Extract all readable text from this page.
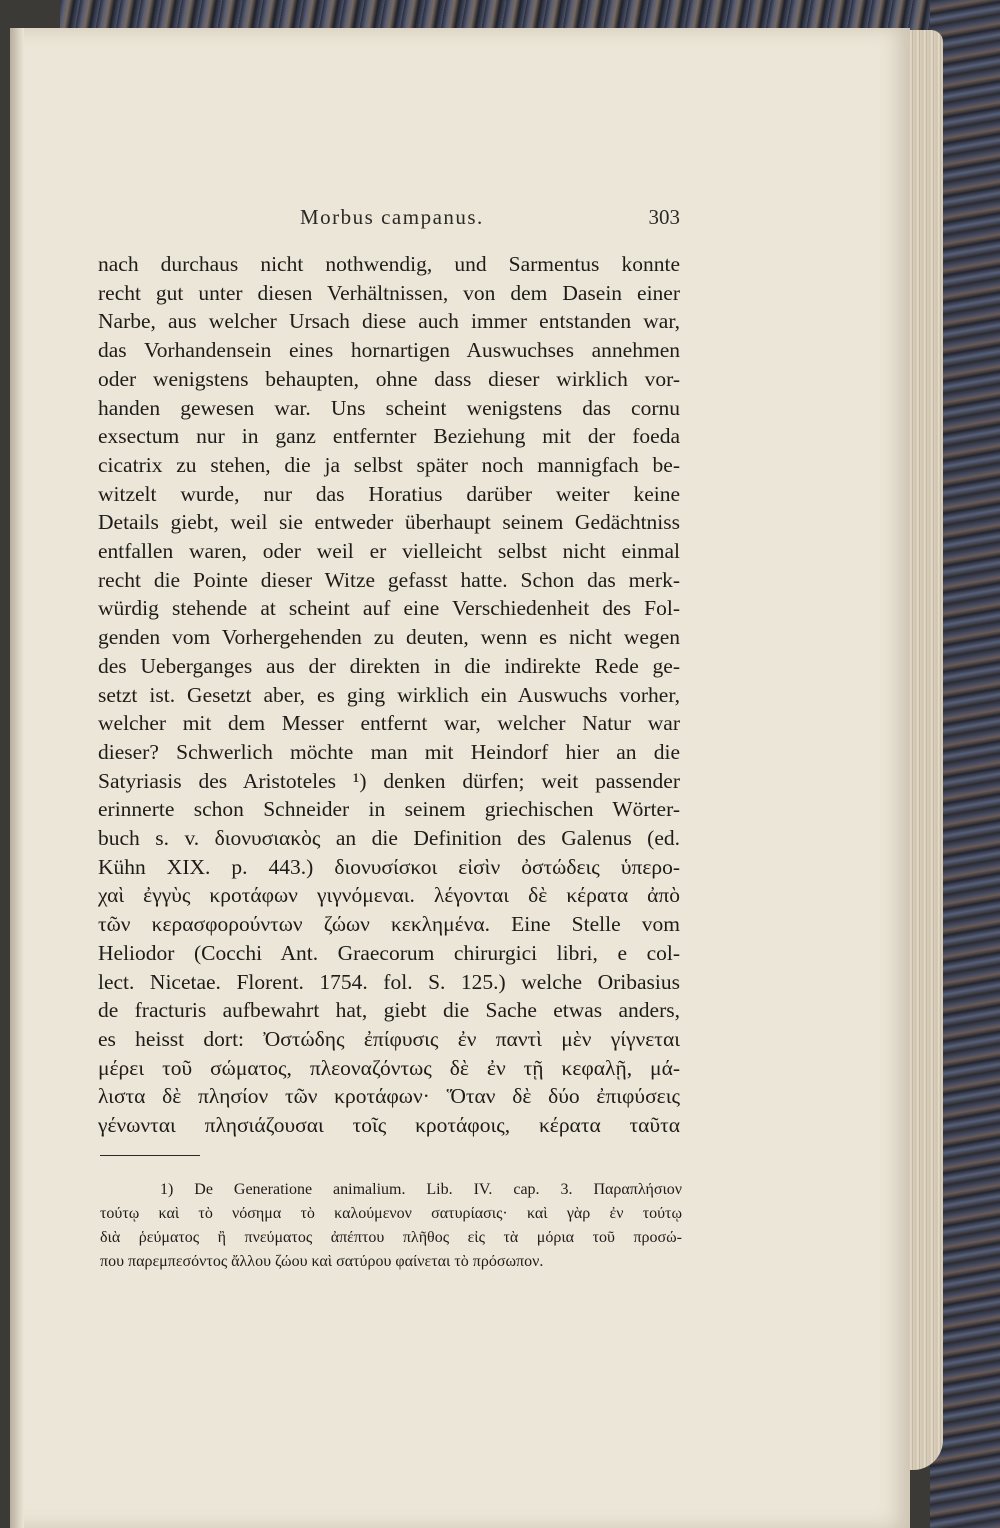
Morbus campanus.	303

nach durchaus nicht nothwendig, und Sarmentus konnte
recht gut unter diesen Verhältnissen, von dem Dasein einer
Narbe, aus welcher Ursach diese auch immer entstanden war,
das Vorhandensein eines hornartigen Auswuchses annehmen
oder wenigstens behaupten, ohne dass dieser wirklich vor-
handen gewesen war. Uns scheint wenigstens das cornu
exsectum nur in ganz entfernter Beziehung mit der foeda
cicatrix zu stehen, die ja selbst später noch mannigfach be-
witzelt wurde, nur das Horatius darüber weiter keine
Details giebt, weil sie entweder überhaupt seinem Gedächtniss
entfallen waren, oder weil er vielleicht selbst nicht einmal
recht die Pointe dieser Witze gefasst hatte. Schon das merk-
würdig stehende at scheint auf eine Verschiedenheit des Fol-
genden vom Vorhergehenden zu deuten, wenn es nicht wegen
des Ueberganges aus der direkten in die indirekte Rede ge-
setzt ist. Gesetzt aber, es ging wirklich ein Auswuchs vorher,
welcher mit dem Messer entfernt war, welcher Natur war
dieser? Schwerlich möchte man mit Heindorf hier an die
Satyriasis des Aristoteles ¹) denken dürfen; weit passender
erinnerte schon Schneider in seinem griechischen Wörter-
buch s. v. διονυσιακὸς an die Definition des Galenus (ed.
Kühn XIX. p. 443.) διονυσίσκοι εἰσὶν ὀστώδεις ὑπερο-
χαὶ ἐγγὺς κροτάφων γιγνόμεναι. λέγονται δὲ κέρατα ἀπὸ
τῶν κερασφορούντων ζώων κεκλημένα. Eine Stelle vom
Heliodor (Cocchi Ant. Graecorum chirurgici libri, e col-
lect. Nicetae. Florent. 1754. fol. S. 125.) welche Oribasius
de fracturis aufbewahrt hat, giebt die Sache etwas anders,
es heisst dort: Ὀστώδης ἐπίφυσις ἐν παντὶ μὲν γίγνεται
μέρει τοῦ σώματος, πλεοναζόντως δὲ ἐν τῇ κεφαλῇ, μά-
λιστα δὲ πλησίον τῶν κροτάφων· Ὅταν δὲ δύο ἐπιφύσεις
γένωνται πλησιάζουσαι τοῖς κροτάφοις, κέρατα ταῦτα

1) De Generatione animalium. Lib. IV. cap. 3. Παραπλήσιον
τούτῳ καὶ τὸ νόσημα τὸ καλούμενον σατυρίασις· καὶ γὰρ ἐν τούτῳ
διὰ ῥεύματος ἢ πνεύματος ἀπέπτου πλῆθος εἰς τὰ μόρια τοῦ προσώ-
που παρεμπεσόντος ἄλλου ζώου καὶ σατύρου φαίνεται τὸ πρόσωπον.
